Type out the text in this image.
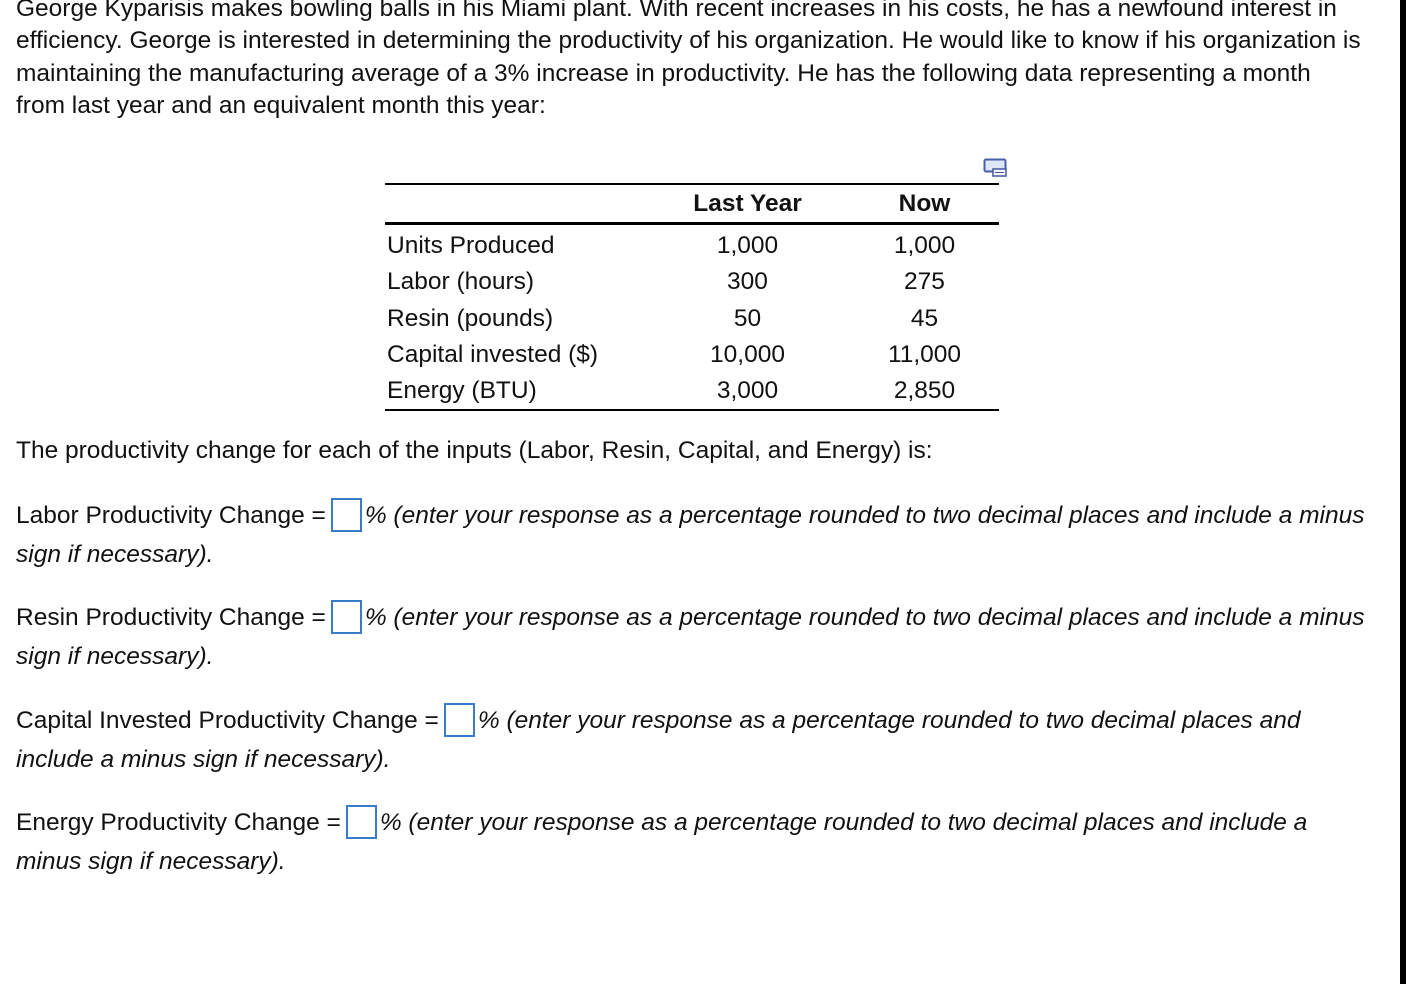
George Kyparisis makes bowling balls in his Miami plant. With recent increases in his costs, he has a newfound interest in efficiency. George is interested in determining the productivity of his organization. He would like to know if his organization is maintaining the manufacturing average of a 3% increase in productivity. He has the following data representing a month from last year and an equivalent month this year:

	Last Year	Now
Units Produced	1,000	1,000
Labor (hours)	300	275
Resin (pounds)	50	45
Capital invested ($)	10,000	11,000
Energy (BTU)	3,000	2,850

The productivity change for each of the inputs (Labor, Resin, Capital, and Energy) is:

Labor Productivity Change = % (enter your response as a percentage rounded to two decimal places and include a minus sign if necessary).
Resin Productivity Change = % (enter your response as a percentage rounded to two decimal places and include a minus sign if necessary).
Capital Invested Productivity Change = % (enter your response as a percentage rounded to two decimal places and include a minus sign if necessary).
Energy Productivity Change = % (enter your response as a percentage rounded to two decimal places and include a minus sign if necessary).
